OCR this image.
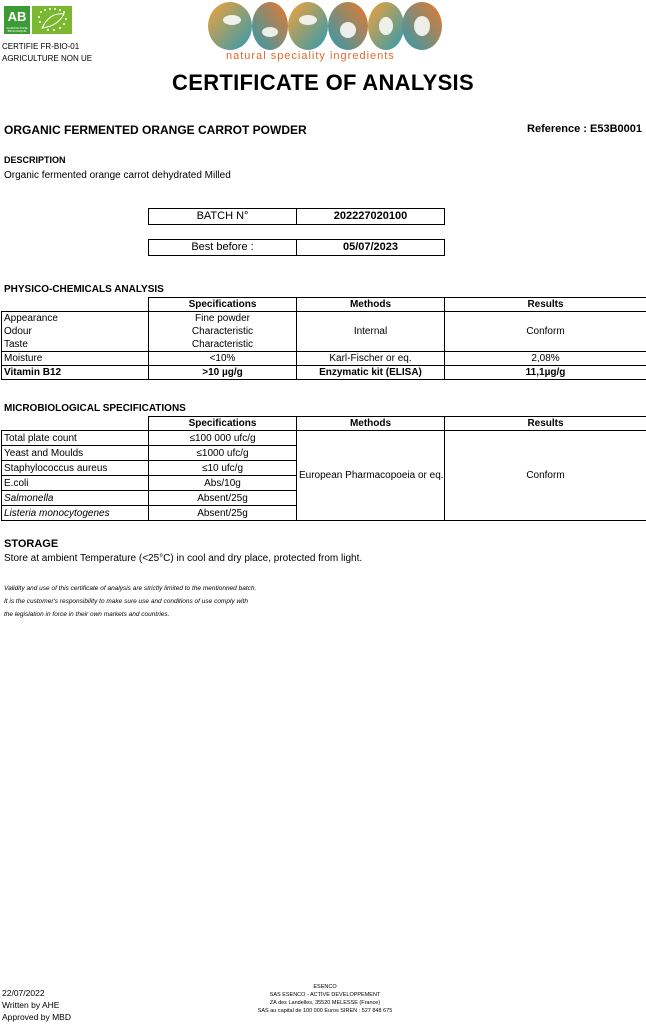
AB
AGRICULTURE BIOLOGIQUE
CERTIFIE FR-BIO-01
AGRICULTURE NON UE	natural speciality ingredients
CERTIFICATE OF ANALYSIS
ORGANIC FERMENTED ORANGE CARROT POWDER	Reference : E53B0001
DESCRIPTION
Organic fermented orange carrot dehydrated Milled
BATCH N°	202227020100
Best before :	05/07/2023
PHYSICO-CHEMICALS ANALYSIS
	Specifications	Methods	Results
Appearance	Fine powder	Internal	Conform
Odour	Characteristic		
Taste	Characteristic		
Moisture	<10%	Karl-Fischer or eq.	2,08%
Vitamin B12	>10 µg/g	Enzymatic kit (ELISA)	11,1µg/g
MICROBIOLOGICAL SPECIFICATIONS
	Specifications	Methods	Results
Total plate count	≤100 000 ufc/g	European Pharmacopoeia or eq.	Conform
Yeast and Moulds	≤1000 ufc/g		
Staphylococcus aureus	≤10 ufc/g		
E.coli	Abs/10g		
Salmonella	Absent/25g		
Listeria monocytogenes	Absent/25g		
STORAGE
Store at ambient Temperature (<25°C) in cool and dry place, protected from light.
Validity and use of this certificate of analysis are strictly limited to the mentionned batch.
It is the customer's responsibility to make sure use and conditions of use comply with
the legislation in force in their own markets and countries.
22/07/2022
Written by AHE
Approved by MBD
ESENCO
SAS ESENCO - ACTIVE DEVELOPPEMENT
ZA des Landelles, 35520 MELESSE (France)
SAS au capital de 100 000 Euros SIREN : 527 848 675
